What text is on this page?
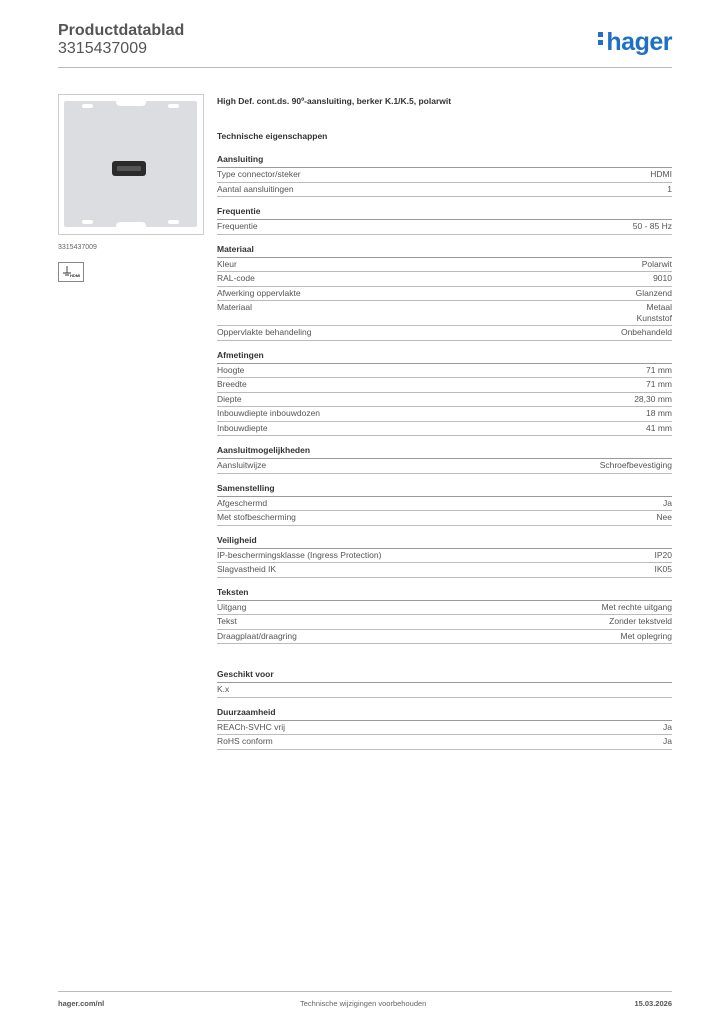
Productdatablad
3315437009	hager
3315437009
HDMI
High Def. cont.ds. 90º-aansluiting, berker K.1/K.5, polarwit
Technische eigenschappen
Aansluiting
Type connector/steker	HDMI
Aantal aansluitingen	1
Frequentie
Frequentie	50 - 85 Hz
Materiaal
Kleur	Polarwit
RAL-code	9010
Afwerking oppervlakte	Glanzend
Materiaal	Metaal
Kunststof
Oppervlakte behandeling	Onbehandeld
Afmetingen
Hoogte	71 mm
Breedte	71 mm
Diepte	28,30 mm
Inbouwdiepte inbouwdozen	18 mm
Inbouwdiepte	41 mm
Aansluitmogelijkheden
Aansluitwijze	Schroefbevestiging
Samenstelling
Afgeschermd	Ja
Met stofbescherming	Nee
Veiligheid
IP-beschermingsklasse (Ingress Protection)	IP20
Slagvastheid IK	IK05
Teksten
Uitgang	Met rechte uitgang
Tekst	Zonder tekstveld
Draagplaat/draagring	Met oplegring
Geschikt voor
K.x
Duurzaamheid
REACh-SVHC vrij	Ja
RoHS conform	Ja
hager.com/nl	Technische wijzigingen voorbehouden	15.03.2026
